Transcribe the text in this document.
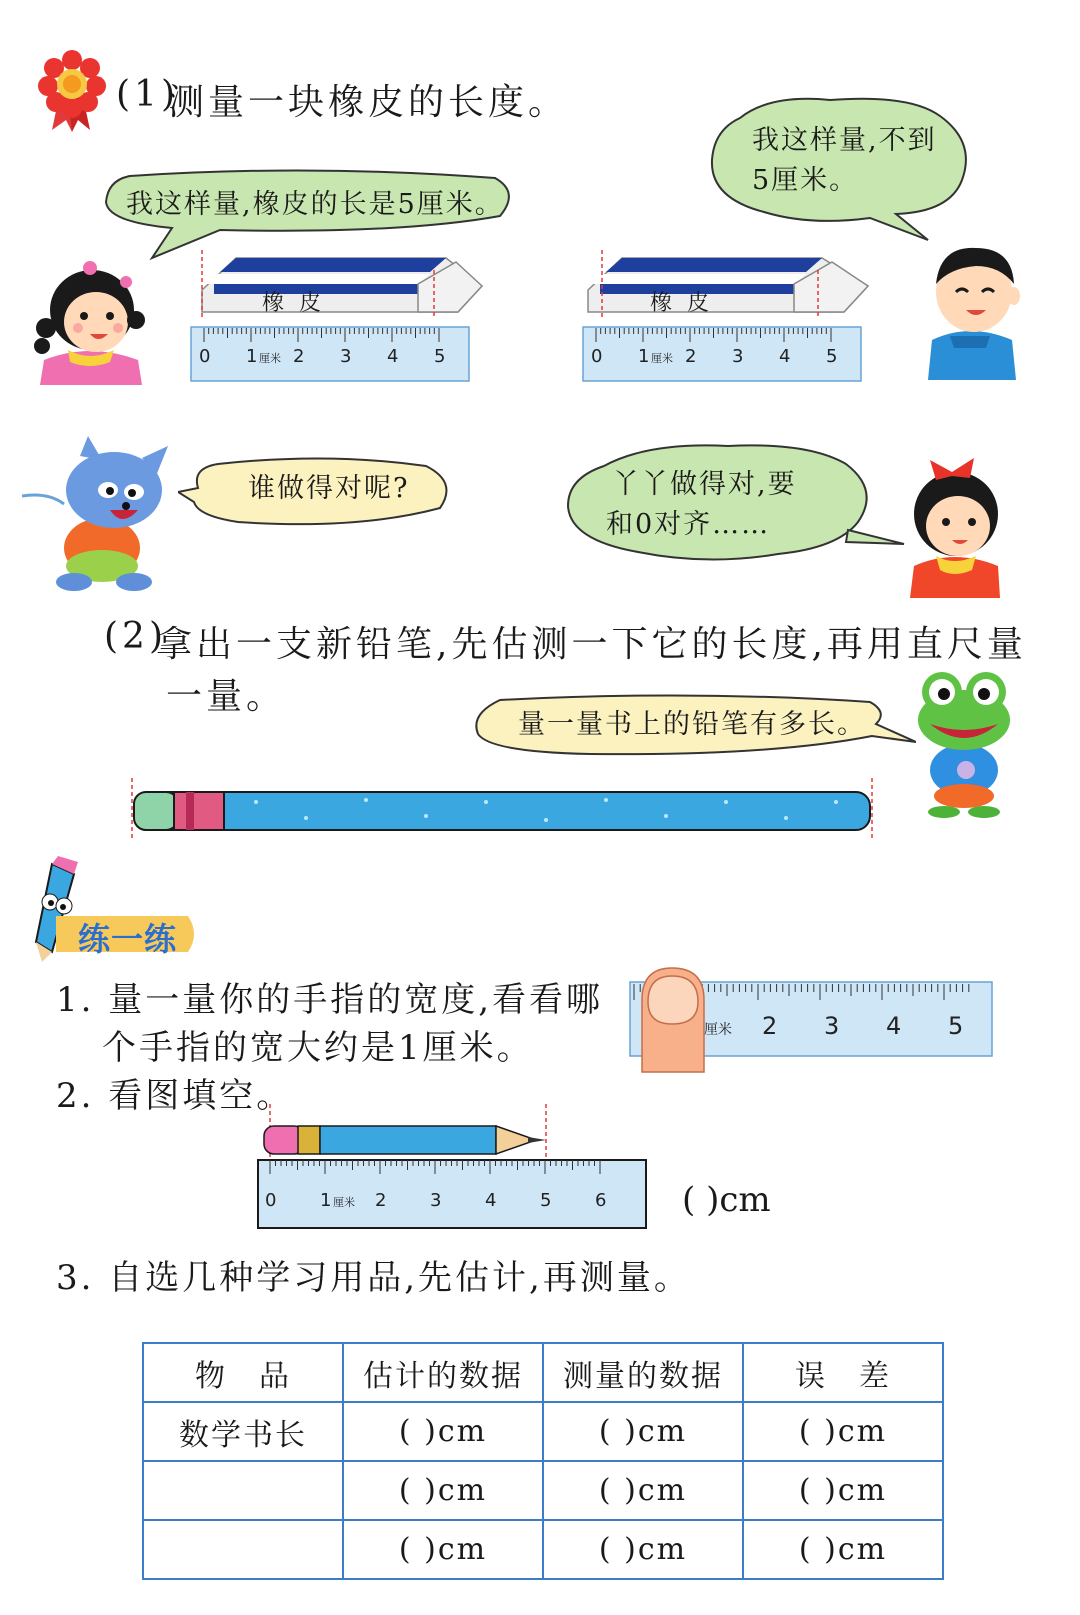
(1)
测量一块橡皮的长度。
我这样量,橡皮的长是5厘米。
我这样量,不到
5厘米。
橡 皮
0 1 厘米 2 3 4 5
橡 皮
0 1 厘米 2 3 4 5
谁做得对呢?	丫丫做得对,要
和0对齐……
(2)
拿出一支新铅笔,先估测一下它的长度,再用直尺量
一量。
量一量书上的铅笔有多长。
练一练
1. 量一量你的手指的宽度,看看哪
个手指的宽大约是1厘米。	厘米 2 3 4 5
2. 看图填空。
0 1 厘米 2 3 4 5 6 ( )cm
3. 自选几种学习用品,先估计,再测量。
物　品	估计的数据	测量的数据	误　差
数学书长	( )cm	( )cm	( )cm
	( )cm	( )cm	( )cm
	( )cm	( )cm	( )cm
